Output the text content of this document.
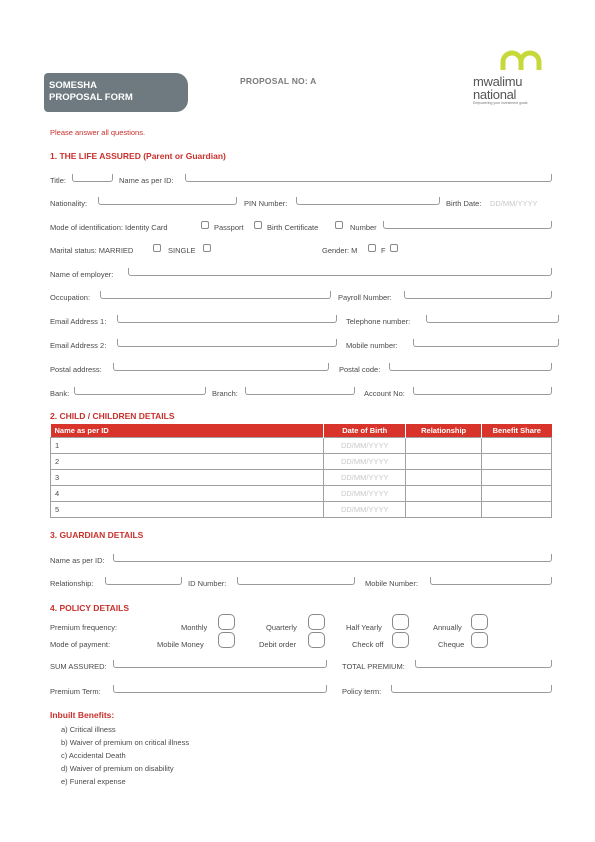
SOMESHA
PROPOSAL FORM
PROPOSAL NO: A	mwalimu
national
Empowering your investment goals
Please answer all questions.
1. THE LIFE ASSURED (Parent or Guardian)
Title:	Name as per ID:
Nationality:	PIN Number:	Birth Date: DD/MM/YYYY
Mode of identification: Identity Card	Passport	Birth Certificate	Number
Marital status: MARRIED	SINGLE	Gender: M	F
Name of employer:
Occupation:	Payroll Number:
Email Address 1:	Telephone number:
Email Address 2:	Mobile number:
Postal address:	Postal code:
Bank:	Branch:	Account No:
2. CHILD / CHILDREN DETAILS
Name as per ID	Date of Birth	Relationship	Benefit Share
1	DD/MM/YYYY		
2	DD/MM/YYYY		
3	DD/MM/YYYY		
4	DD/MM/YYYY		
5	DD/MM/YYYY		
3. GUARDIAN DETAILS
Name as per ID:
Relationship:	ID Number:	Mobile Number:
4. POLICY DETAILS
Premium frequency:	Monthly	Quarterly	Half Yearly	Annually
Mode of payment:	Mobile Money	Debit order	Check off	Cheque
SUM ASSURED:	TOTAL PREMIUM:
Premium Term:	Policy term:
Inbuilt Benefits:
a) Critical illness
b) Waiver of premium on critical illness
c) Accidental Death
d) Waiver of premium on disability
e) Funeral expense
